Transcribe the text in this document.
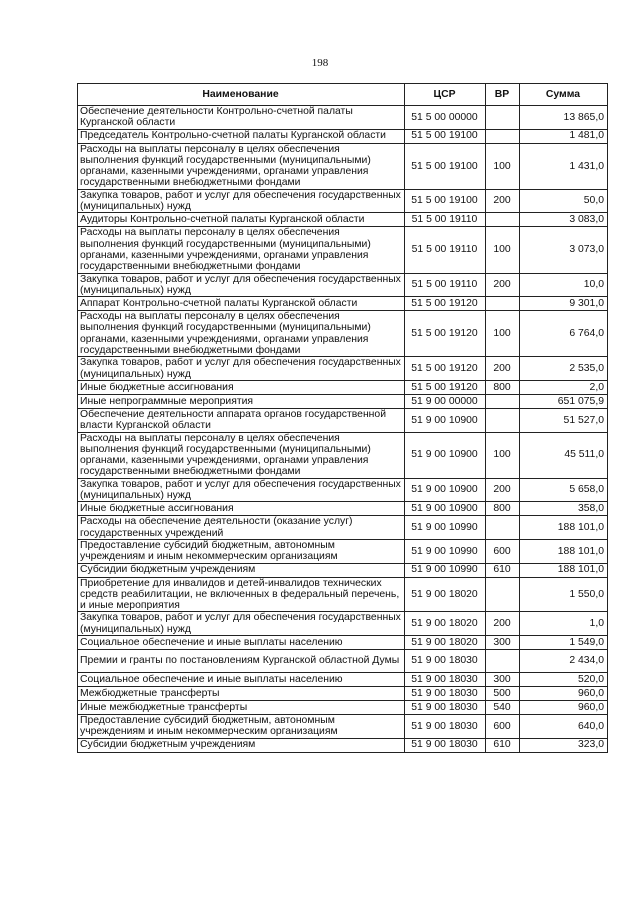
198
Наименование	ЦСР	ВР	Сумма
Обеспечение деятельности Контрольно-счетной палаты Курганской области	51 5 00 00000		13 865,0
Председатель Контрольно-счетной палаты Курганской области	51 5 00 19100		1 481,0
Расходы на выплаты персоналу в целях обеспечения выполнения функций государственными (муниципальными) органами, казенными учреждениями, органами управления государственными внебюджетными фондами	51 5 00 19100	100	1 431,0
Закупка товаров, работ и услуг для обеспечения государственных (муниципальных) нужд	51 5 00 19100	200	50,0
Аудиторы Контрольно-счетной палаты Курганской области	51 5 00 19110		3 083,0
Расходы на выплаты персоналу в целях обеспечения выполнения функций государственными (муниципальными) органами, казенными учреждениями, органами управления государственными внебюджетными фондами	51 5 00 19110	100	3 073,0
Закупка товаров, работ и услуг для обеспечения государственных (муниципальных) нужд	51 5 00 19110	200	10,0
Аппарат Контрольно-счетной палаты Курганской области	51 5 00 19120		9 301,0
Расходы на выплаты персоналу в целях обеспечения выполнения функций государственными (муниципальными) органами, казенными учреждениями, органами управления государственными внебюджетными фондами	51 5 00 19120	100	6 764,0
Закупка товаров, работ и услуг для обеспечения государственных (муниципальных) нужд	51 5 00 19120	200	2 535,0
Иные бюджетные ассигнования	51 5 00 19120	800	2,0
Иные непрограммные мероприятия	51 9 00 00000		651 075,9
Обеспечение деятельности аппарата органов государственной власти Курганской области	51 9 00 10900		51 527,0
Расходы на выплаты персоналу в целях обеспечения выполнения функций государственными (муниципальными) органами, казенными учреждениями, органами управления государственными внебюджетными фондами	51 9 00 10900	100	45 511,0
Закупка товаров, работ и услуг для обеспечения государственных (муниципальных) нужд	51 9 00 10900	200	5 658,0
Иные бюджетные ассигнования	51 9 00 10900	800	358,0
Расходы на обеспечение деятельности (оказание услуг) государственных учреждений	51 9 00 10990		188 101,0
Предоставление субсидий бюджетным, автономным учреждениям и иным некоммерческим организациям	51 9 00 10990	600	188 101,0
Субсидии бюджетным учреждениям	51 9 00 10990	610	188 101,0
Приобретение для инвалидов и детей-инвалидов технических средств реабилитации, не включенных в федеральный перечень, и иные мероприятия	51 9 00 18020		1 550,0
Закупка товаров, работ и услуг для обеспечения государственных (муниципальных) нужд	51 9 00 18020	200	1,0
Социальное обеспечение и иные выплаты населению	51 9 00 18020	300	1 549,0
Премии и гранты по постановлениям Курганской областной Думы	51 9 00 18030		2 434,0
Социальное обеспечение и иные выплаты населению	51 9 00 18030	300	520,0
Межбюджетные трансферты	51 9 00 18030	500	960,0
Иные межбюджетные трансферты	51 9 00 18030	540	960,0
Предоставление субсидий бюджетным, автономным учреждениям и иным некоммерческим организациям	51 9 00 18030	600	640,0
Субсидии бюджетным учреждениям	51 9 00 18030	610	323,0
